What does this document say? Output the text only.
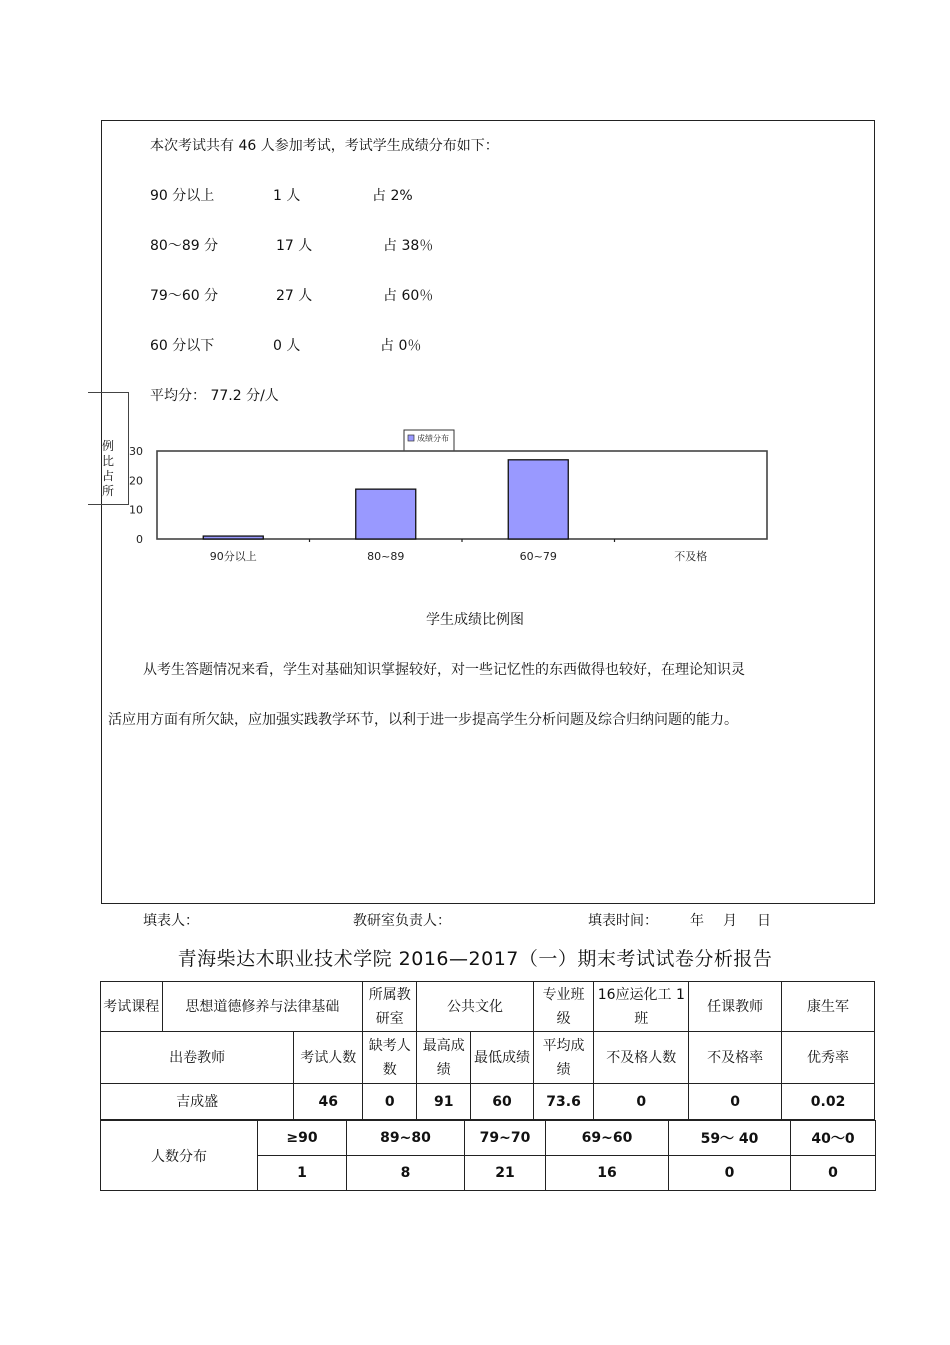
本次考试共有 46 人参加考试，考试学生成绩分布如下：
90 分以上	1 人	占 2%
80～89 分	17 人	占 38％
79～60 分	27 人	占 60％
60 分以下	0 人	占 0％
平均分： 77.2 分/人
例比占所
成绩分布
0
10
20
30
90分以上	80~89	60~79	不及格
学生成绩比例图
从考生答题情况来看，学生对基础知识掌握较好，对一些记忆性的东西做得也较好，在理论知识灵
活应用方面有所欠缺，应加强实践教学环节，以利于进一步提高学生分析问题及综合归纳问题的能力。
填表人：	教研室负责人：	填表时间： 年 月 日
青海柴达木职业技术学院 2016—2017（一）期末考试试卷分析报告
考试课程	思想道德修养与法律基础		所属教研室	公共文化		专业班级	16应运化工 1 班	任课教师	康生军
出卷教师		考试人数	缺考人数	最高成绩	最低成绩	平均成绩	不及格人数	不及格率	优秀率
吉成盛		46	0	91	60	73.6	0	0	0.02
人数分布	≥90	89~80	79~70	69~60	59～ 40	40～0
	1	8	21	16	0	0
